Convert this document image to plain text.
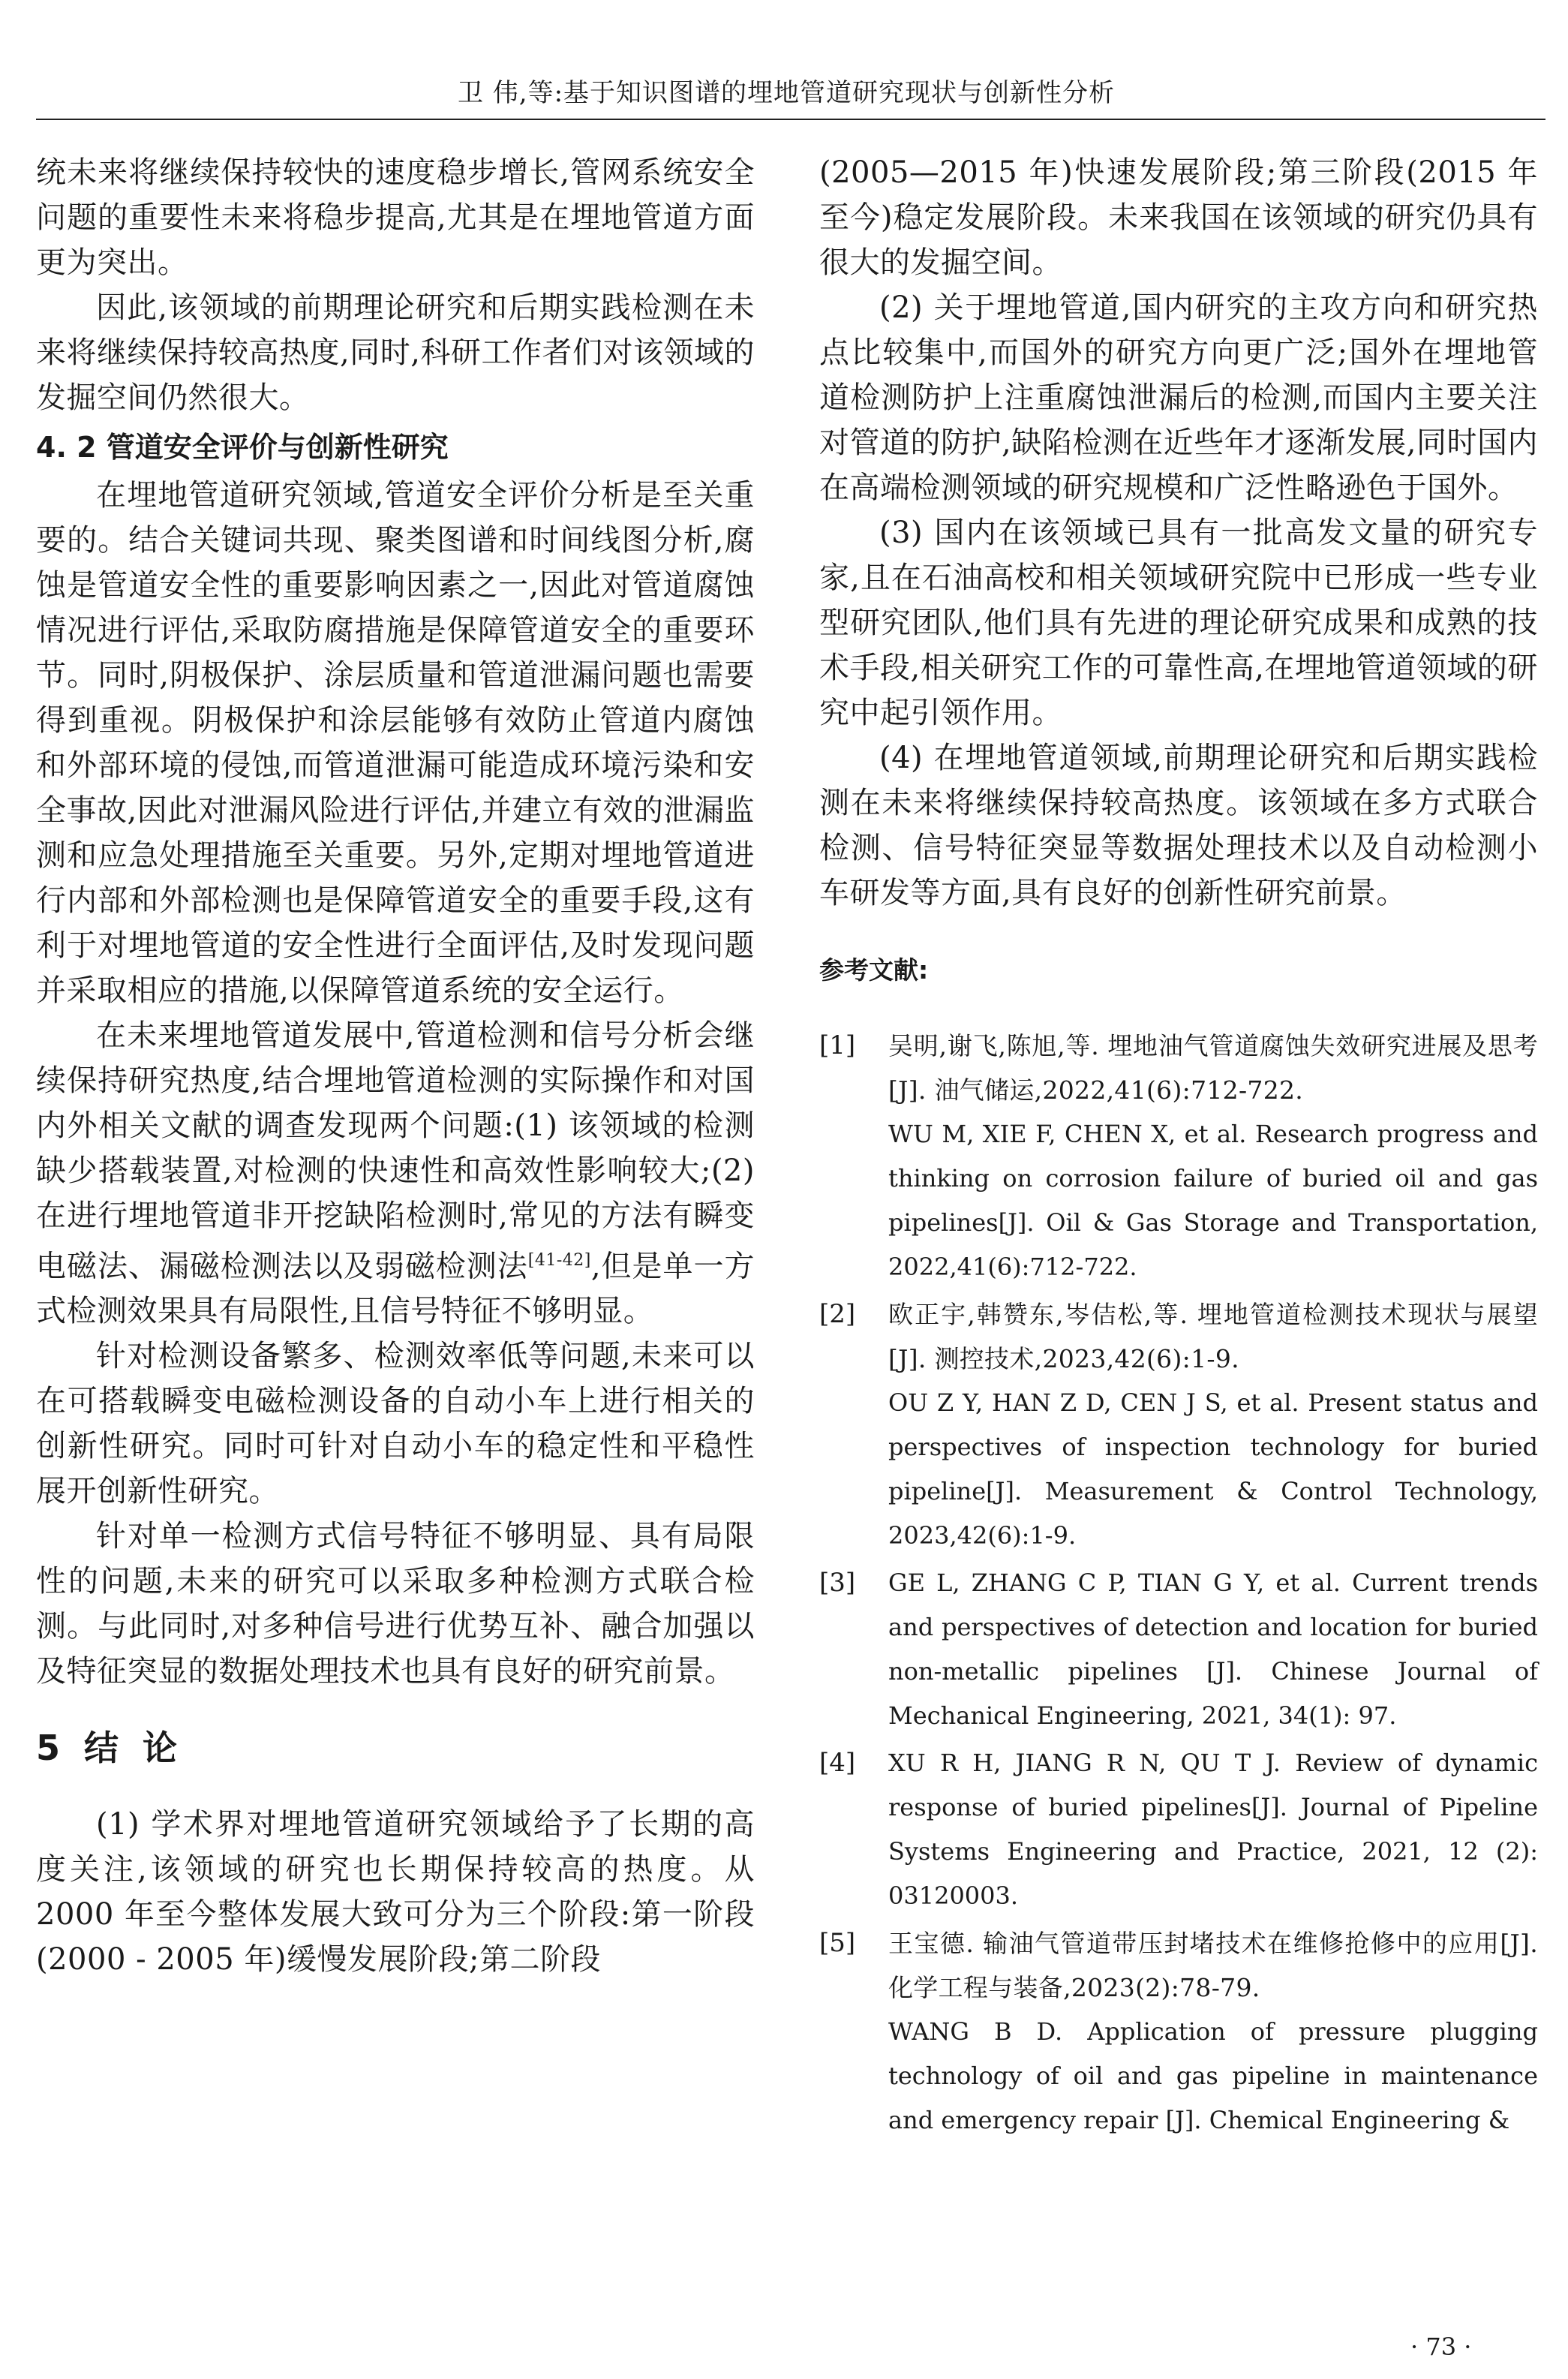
卫 伟,等:基于知识图谱的埋地管道研究现状与创新性分析

统未来将继续保持较快的速度稳步增长,管网系统安全问题的重要性未来将稳步提高,尤其是在埋地管道方面更为突出。

因此,该领域的前期理论研究和后期实践检测在未来将继续保持较高热度,同时,科研工作者们对该领域的发掘空间仍然很大。

4. 2 管道安全评价与创新性研究

在埋地管道研究领域,管道安全评价分析是至关重要的。结合关键词共现、聚类图谱和时间线图分析,腐蚀是管道安全性的重要影响因素之一,因此对管道腐蚀情况进行评估,采取防腐措施是保障管道安全的重要环节。同时,阴极保护、涂层质量和管道泄漏问题也需要得到重视。阴极保护和涂层能够有效防止管道内腐蚀和外部环境的侵蚀,而管道泄漏可能造成环境污染和安全事故,因此对泄漏风险进行评估,并建立有效的泄漏监测和应急处理措施至关重要。另外,定期对埋地管道进行内部和外部检测也是保障管道安全的重要手段,这有利于对埋地管道的安全性进行全面评估,及时发现问题并采取相应的措施,以保障管道系统的安全运行。

在未来埋地管道发展中,管道检测和信号分析会继续保持研究热度,结合埋地管道检测的实际操作和对国内外相关文献的调查发现两个问题:(1) 该领域的检测缺少搭载装置,对检测的快速性和高效性影响较大;(2) 在进行埋地管道非开挖缺陷检测时,常见的方法有瞬变电磁法、漏磁检测法以及弱磁检测法[41-42],但是单一方式检测效果具有局限性,且信号特征不够明显。

针对检测设备繁多、检测效率低等问题,未来可以在可搭载瞬变电磁检测设备的自动小车上进行相关的创新性研究。同时可针对自动小车的稳定性和平稳性展开创新性研究。

针对单一检测方式信号特征不够明显、具有局限性的问题,未来的研究可以采取多种检测方式联合检测。与此同时,对多种信号进行优势互补、融合加强以及特征突显的数据处理技术也具有良好的研究前景。

5 结 论

(1) 学术界对埋地管道研究领域给予了长期的高度关注,该领域的研究也长期保持较高的热度。从 2000 年至今整体发展大致可分为三个阶段:第一阶段(2000 - 2005 年)缓慢发展阶段;第二阶段

(2005—2015 年)快速发展阶段;第三阶段(2015 年至今)稳定发展阶段。未来我国在该领域的研究仍具有很大的发掘空间。

(2) 关于埋地管道,国内研究的主攻方向和研究热点比较集中,而国外的研究方向更广泛;国外在埋地管道检测防护上注重腐蚀泄漏后的检测,而国内主要关注对管道的防护,缺陷检测在近些年才逐渐发展,同时国内在高端检测领域的研究规模和广泛性略逊色于国外。

(3) 国内在该领域已具有一批高发文量的研究专家,且在石油高校和相关领域研究院中已形成一些专业型研究团队,他们具有先进的理论研究成果和成熟的技术手段,相关研究工作的可靠性高,在埋地管道领域的研究中起引领作用。

(4) 在埋地管道领域,前期理论研究和后期实践检测在未来将继续保持较高热度。该领域在多方式联合检测、信号特征突显等数据处理技术以及自动检测小车研发等方面,具有良好的创新性研究前景。

参考文献:
[1] 吴明,谢飞,陈旭,等. 埋地油气管道腐蚀失效研究进展及思考[J]. 油气储运,2022,41(6):712-722.
WU M, XIE F, CHEN X, et al. Research progress and thinking on corrosion failure of buried oil and gas pipelines[J]. Oil & Gas Storage and Transportation, 2022,41(6):712-722.
[2] 欧正宇,韩赞东,岑佶松,等. 埋地管道检测技术现状与展望[J]. 测控技术,2023,42(6):1-9.
OU Z Y, HAN Z D, CEN J S, et al. Present status and perspectives of inspection technology for buried pipeline[J]. Measurement & Control Technology, 2023,42(6):1-9.
[3] GE L, ZHANG C P, TIAN G Y, et al. Current trends and perspectives of detection and location for buried non-metallic pipelines [J]. Chinese Journal of Mechanical Engineering, 2021, 34(1): 97.
[4] XU R H, JIANG R N, QU T J. Review of dynamic response of buried pipelines[J]. Journal of Pipeline Systems Engineering and Practice, 2021, 12 (2): 03120003.
[5] 王宝德. 输油气管道带压封堵技术在维修抢修中的应用[J]. 化学工程与装备,2023(2):78-79.
WANG B D. Application of pressure plugging technology of oil and gas pipeline in maintenance and emergency repair [J]. Chemical Engineering &
· 73 ·
